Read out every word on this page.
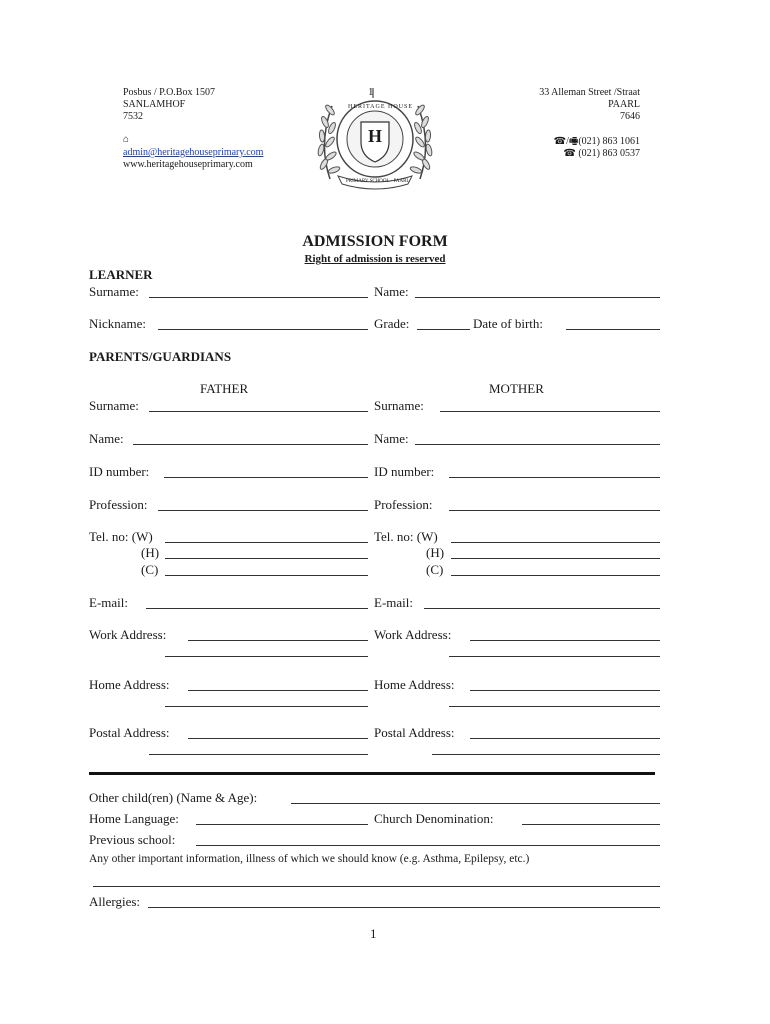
Posbus / P.O.Box 1507
SANLAMHOF
7532
⌂
admin@heritagehouseprimary.com
www.heritagehouseprimary.com
H
HERITAGE HOUSE
PRIMARY SCHOOL · PAARL
1	33 Alleman Street /Straat
PAARL
7646
☎/🖷(021) 863 1061
☎ (021) 863 0537
ADMISSION FORM
Right of admission is reserved
LEARNER
Surname:	Name:
Nickname:	Grade:	Date of birth:
PARENTS/GUARDIANS
FATHER	MOTHER
Surname:	Surname:
Name:	Name:
ID number:	ID number:
Profession:	Profession:
Tel. no: (W)	Tel. no: (W)
(H)	(H)
(C)	(C)
E-mail:	E-mail:
Work Address:	Work Address:
Home Address:	Home Address:
Postal Address:	Postal Address:
Other child(ren) (Name & Age):
Home Language:	Church Denomination:
Previous school:
Any other important information, illness of which we should know (e.g. Asthma, Epilepsy, etc.)
Allergies:
1
